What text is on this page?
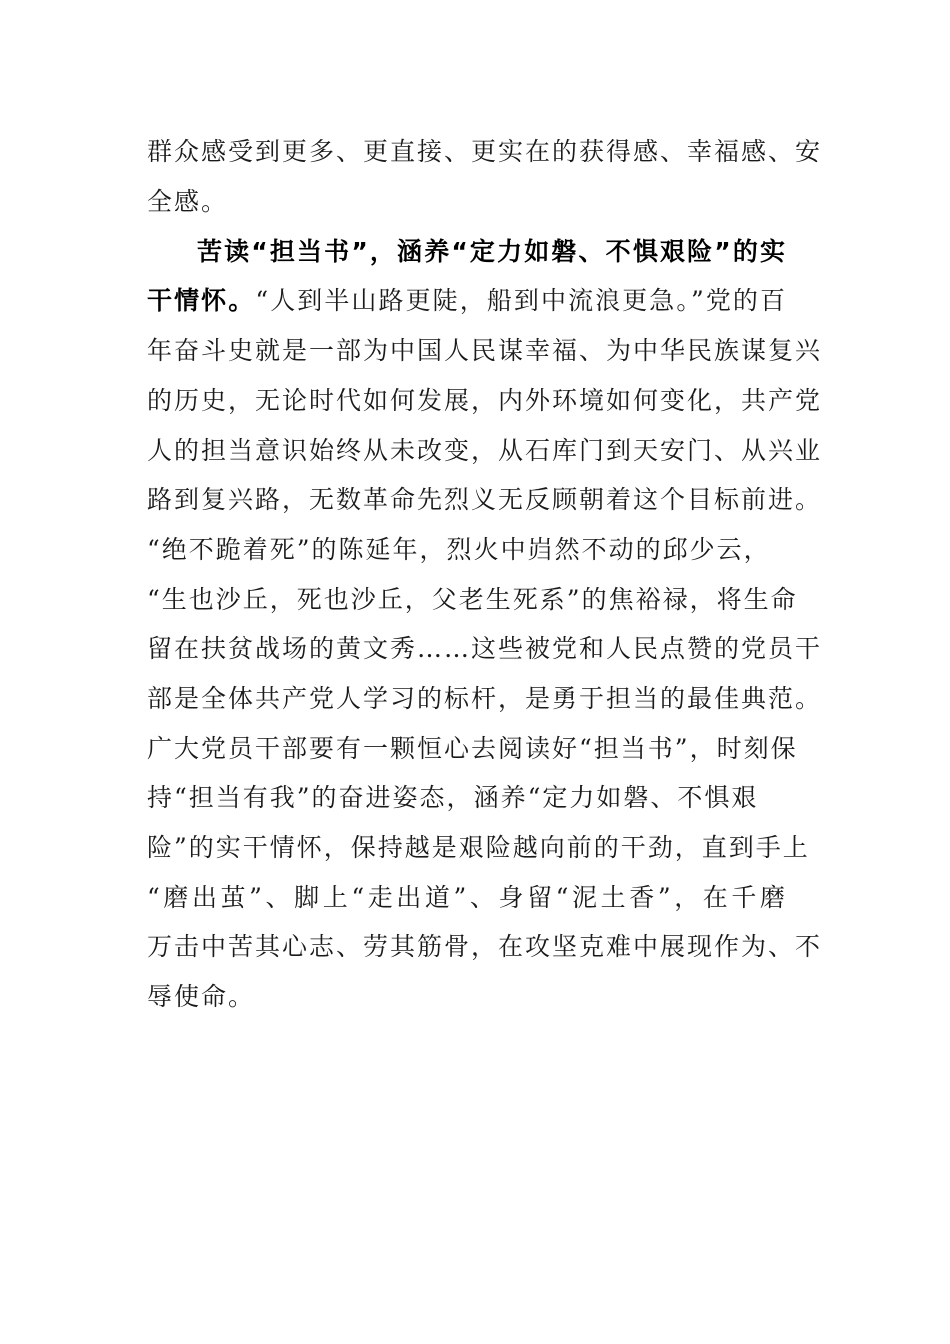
群众感受到更多、更直接、更实在的获得感、幸福感、安
全感。
苦读“担当书”，涵养“定力如磐、不惧艰险”的实
干情怀。“人到半山路更陡，船到中流浪更急。”党的百
年奋斗史就是一部为中国人民谋幸福、为中华民族谋复兴
的历史，无论时代如何发展，内外环境如何变化，共产党
人的担当意识始终从未改变，从石库门到天安门、从兴业
路到复兴路，无数革命先烈义无反顾朝着这个目标前进。
“绝不跪着死”的陈延年，烈火中岿然不动的邱少云，
“生也沙丘，死也沙丘，父老生死系”的焦裕禄，将生命
留在扶贫战场的黄文秀……这些被党和人民点赞的党员干
部是全体共产党人学习的标杆，是勇于担当的最佳典范。
广大党员干部要有一颗恒心去阅读好“担当书”，时刻保
持“担当有我”的奋进姿态，涵养“定力如磐、不惧艰
险”的实干情怀，保持越是艰险越向前的干劲，直到手上
“磨出茧”、脚上“走出道”、身留“泥土香”，在千磨
万击中苦其心志、劳其筋骨，在攻坚克难中展现作为、不
辱使命。
